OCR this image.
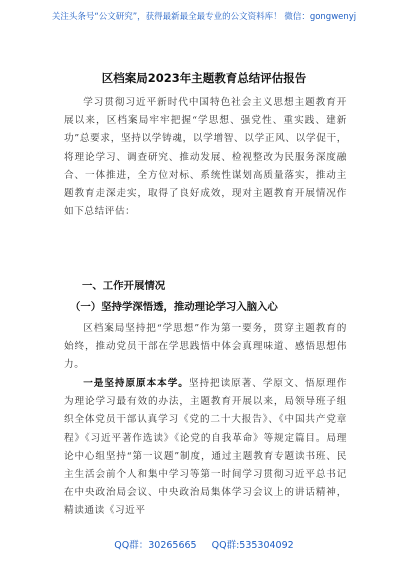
关注头条号“公文研究”，获得最新最全最专业的公文资料库！ 微信：gongwenyj
区档案局2023年主题教育总结评估报告
学习贯彻习近平新时代中国特色社会主义思想主题教育开展以来，区档案局牢牢把握“学思想、强党性、重实践、建新功”总要求，坚持以学铸魂，以学增智、以学正风、以学促干，将理论学习、调查研究、推动发展、检视整改为民服务深度融合、一体推进，全方位对标、系统性谋划高质量落实，推动主题教育走深走实，取得了良好成效，现对主题教育开展情况作如下总结评估：
一、工作开展情况
（一）坚持学深悟透，推动理论学习入脑入心
区档案局坚持把“学思想”作为第一要务，贯穿主题教育的始终，推动党员干部在学思践悟中体会真理味道、感悟思想伟力。
一是坚持原原本本学。坚持把读原著、学原文、悟原理作为理论学习最有效的办法，主题教育开展以来，局领导班子组织全体党员干部认真学习《党的二十大报告》、《中国共产党章程》《习近平著作选读》《论党的自我革命》等规定篇目。局理论中心组坚持“第一议题”制度，通过主题教育专题读书班、民主生活会前个人和集中学习等第一时间学习贯彻习近平总书记在中央政治局会议、中央政治局集体学习会议上的讲话精神，精读通读《习近平
QQ群：30265665 QQ群:535304092
